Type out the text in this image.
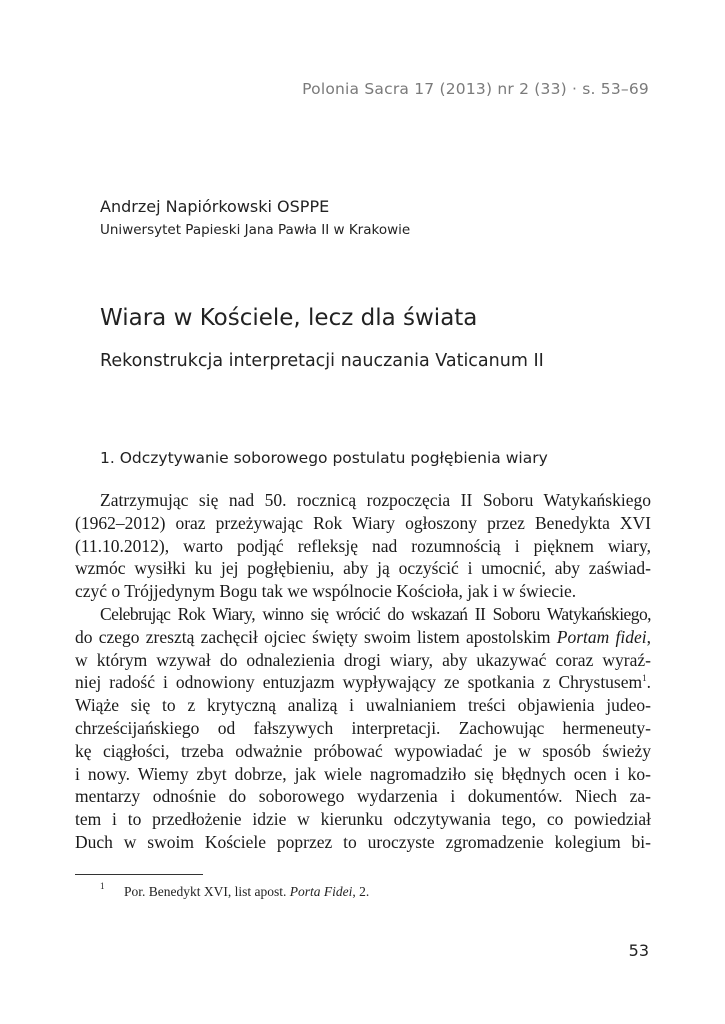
Polonia Sacra 17 (2013) nr 2 (33) · s. 53–69
Andrzej Napiórkowski OSPPE
Uniwersytet Papieski Jana Pawła II w Krakowie
Wiara w Kościele, lecz dla świata
Rekonstrukcja interpretacji nauczania Vaticanum II
1. Odczytywanie soborowego postulatu pogłębienia wiary
Zatrzymując się nad 50. rocznicą rozpoczęcia II Soboru Watykańskiego
(1962–2012) oraz przeżywając Rok Wiary ogłoszony przez Benedykta XVI
(11.10.2012), warto podjąć refleksję nad rozumnością i pięknem wiary,
wzmóc wysiłki ku jej pogłębieniu, aby ją oczyścić i umocnić, aby zaświad-
czyć o Trójjedynym Bogu tak we wspólnocie Kościoła, jak i w świecie.
Celebrując Rok Wiary, winno się wrócić do wskazań II Soboru Watykańskiego,
do czego zresztą zachęcił ojciec święty swoim listem apostolskim Portam fidei,
w którym wzywał do odnalezienia drogi wiary, aby ukazywać coraz wyraź-
niej radość i odnowiony entuzjazm wypływający ze spotkania z Chrystusem$^1$.
Wiąże się to z krytyczną analizą i uwalnianiem treści objawienia judeo-
chrześcijańskiego od fałszywych interpretacji. Zachowując hermeneuty-
kę ciągłości, trzeba odważnie próbować wypowiadać je w sposób świeży
i nowy. Wiemy zbyt dobrze, jak wiele nagromadziło się błędnych ocen i ko-
mentarzy odnośnie do soborowego wydarzenia i dokumentów. Niech za-
tem i to przedłożenie idzie w kierunku odczytywania tego, co powiedział
Duch w swoim Kościele poprzez to uroczyste zgromadzenie kolegium bi-
1 Por. Benedykt XVI, list apost. Porta Fidei, 2.
53
